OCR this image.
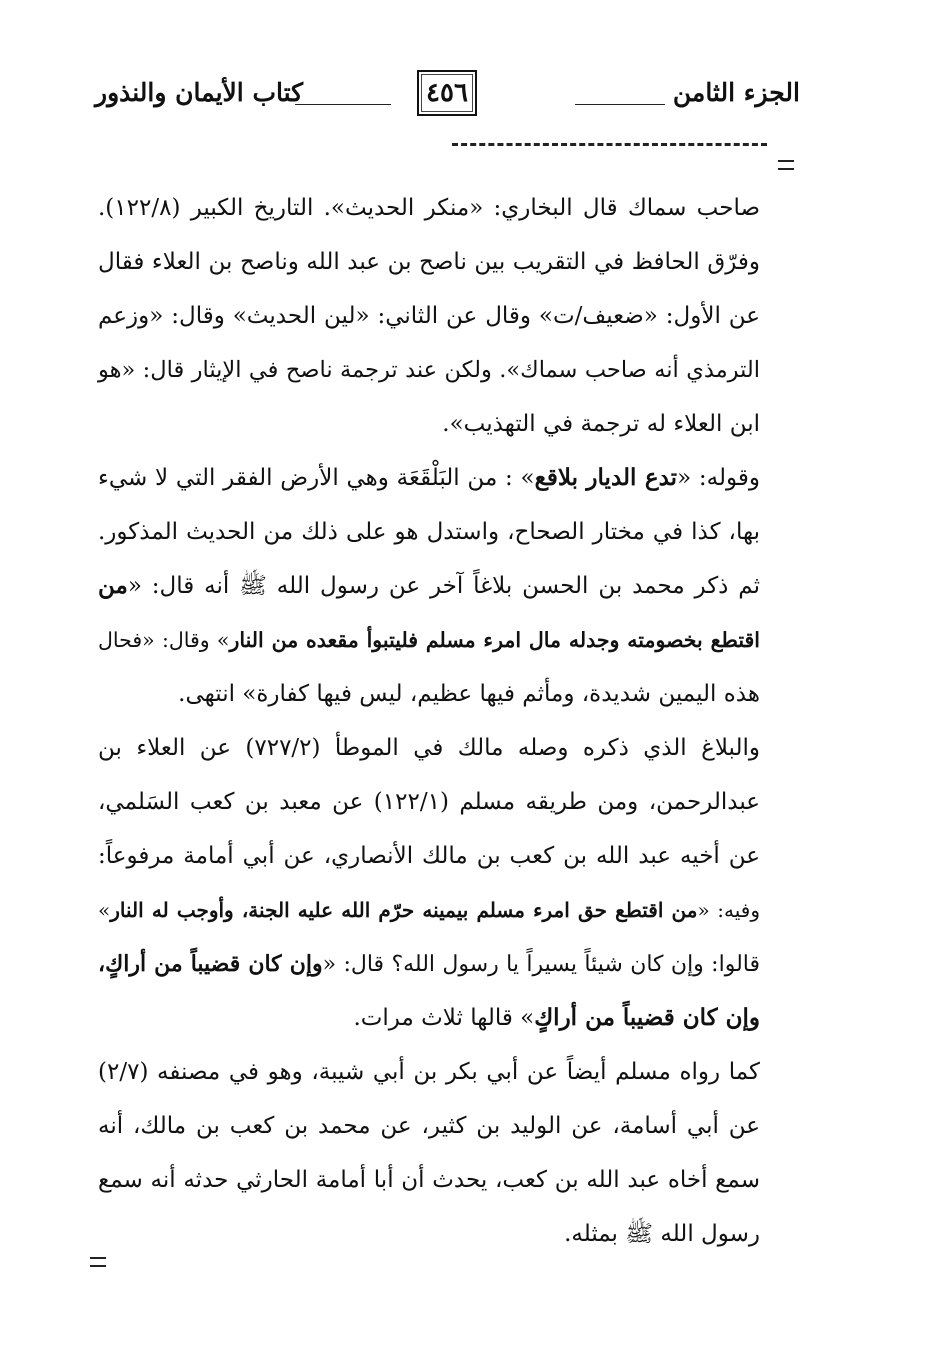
الجزء الثامن
٤٥٦
كتاب الأيمان والنذور
صاحب سماك قال البخاري: «منكر الحديث». التاريخ الكبير (١٢٢/٨).
وفرّق الحافظ في التقريب بين ناصح بن عبد الله وناصح بن العلاء فقال
عن الأول: «ضعيف/ت» وقال عن الثاني: «لين الحديث» وقال: «وزعم
الترمذي أنه صاحب سماك». ولكن عند ترجمة ناصح في الإيثار قال: «هو
ابن العلاء له ترجمة في التهذيب».
وقوله: «تدع الديار بلاقع» : من البَلْقَعَة وهي الأرض الفقر التي لا شيء
بها، كذا في مختار الصحاح، واستدل هو على ذلك من الحديث المذكور.
ثم ذكر محمد بن الحسن بلاغاً آخر عن رسول الله ﷺ أنه قال: «من
اقتطع بخصومته وجدله مال امرء مسلم فليتبوأ مقعده من النار» وقال: «فحال
هذه اليمين شديدة، ومأثم فيها عظيم، ليس فيها كفارة» انتهى.
والبلاغ الذي ذكره وصله مالك في الموطأ (٧٢٧/٢) عن العلاء بن
عبدالرحمن، ومن طريقه مسلم (١٢٢/١) عن معبد بن كعب السَلمي،
عن أخيه عبد الله بن كعب بن مالك الأنصاري، عن أبي أمامة مرفوعاً:
وفيه: «من اقتطع حق امرء مسلم بيمينه حرّم الله عليه الجنة، وأوجب له النار»
قالوا: وإن كان شيئاً يسيراً يا رسول الله؟ قال: «وإن كان قضيباً من أراكٍ،
وإن كان قضيباً من أراكٍ» قالها ثلاث مرات.
كما رواه مسلم أيضاً عن أبي بكر بن أبي شيبة، وهو في مصنفه (٢/٧)
عن أبي أسامة، عن الوليد بن كثير، عن محمد بن كعب بن مالك، أنه
سمع أخاه عبد الله بن كعب، يحدث أن أبا أمامة الحارثي حدثه أنه سمع
رسول الله ﷺ بمثله.
